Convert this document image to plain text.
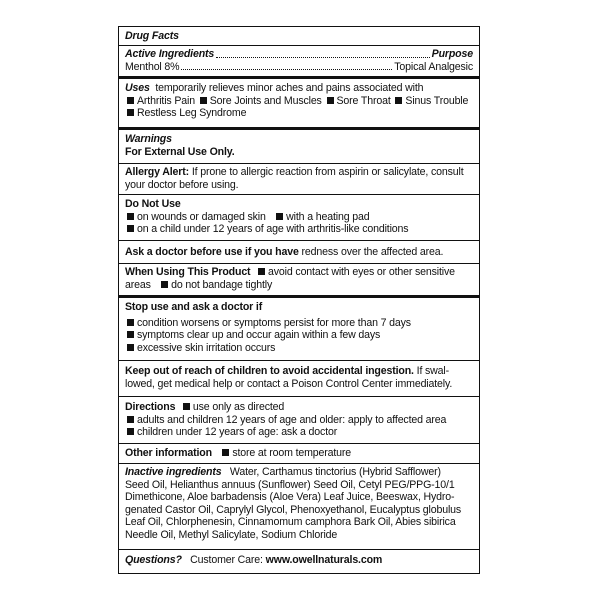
Drug Facts
Active Ingredients	Purpose
Menthol 8%	Topical Analgesic
Uses temporarily relieves minor aches and pains associated with
Arthritis Pain Sore Joints and Muscles Sore Throat Sinus Trouble
Restless Leg Syndrome
Warnings
For External Use Only.
Allergy Alert: If prone to allergic reaction from aspirin or salicylate, consult
your doctor before using.
Do Not Use
on wounds or damaged skin with a heating pad
on a child under 12 years of age with arthritis-like conditions
Ask a doctor before use if you have redness over the affected area.
When Using This Product avoid contact with eyes or other sensitive
areas do not bandage tightly
Stop use and ask a doctor if
condition worsens or symptoms persist for more than 7 days
symptoms clear up and occur again within a few days
excessive skin irritation occurs
Keep out of reach of children to avoid accidental ingestion. If swal-
lowed, get medical help or contact a Poison Control Center immediately.
Directions use only as directed
adults and children 12 years of age and older: apply to affected area
children under 12 years of age: ask a doctor
Other information store at room temperature
Inactive ingredients Water, Carthamus tinctorius (Hybrid Safflower)
Seed Oil, Helianthus annuus (Sunflower) Seed Oil, Cetyl PEG/PPG-10/1
Dimethicone, Aloe barbadensis (Aloe Vera) Leaf Juice, Beeswax, Hydro-
genated Castor Oil, Caprylyl Glycol, Phenoxyethanol, Eucalyptus globulus
Leaf Oil, Chlorphenesin, Cinnamomum camphora Bark Oil, Abies sibirica
Needle Oil, Methyl Salicylate, Sodium Chloride
Questions? Customer Care: www.owellnaturals.com
